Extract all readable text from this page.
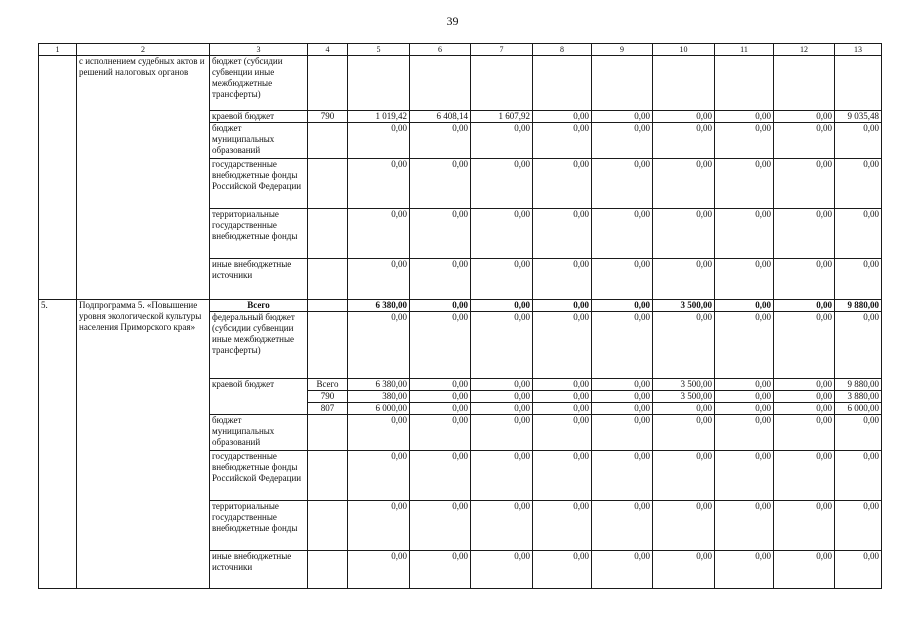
39
1	2	3	4	5	6	7	8	9	10	11	12	13
	с исполнением судебных актов и решений налоговых органов	бюджет (субсидии субвенции иные межбюджетные трансферты)										
		краевой бюджет	790	1 019,42	6 408,14	1 607,92	0,00	0,00	0,00	0,00	0,00	9 035,48
		бюджет муниципальных образований		0,00	0,00	0,00	0,00	0,00	0,00	0,00	0,00	0,00
		государственные внебюджетные фонды Российской Федерации		0,00	0,00	0,00	0,00	0,00	0,00	0,00	0,00	0,00
		территориальные государственные внебюджетные фонды		0,00	0,00	0,00	0,00	0,00	0,00	0,00	0,00	0,00
		иные внебюджетные источники		0,00	0,00	0,00	0,00	0,00	0,00	0,00	0,00	0,00
5.	Подпрограмма 5. «Повышение уровня экологической культуры населения Приморского края»	Всего		6 380,00	0,00	0,00	0,00	0,00	3 500,00	0,00	0,00	9 880,00
		федеральный бюджет (субсидии субвенции иные межбюджетные трансферты)		0,00	0,00	0,00	0,00	0,00	0,00	0,00	0,00	0,00
		краевой бюджет	Всего	6 380,00	0,00	0,00	0,00	0,00	3 500,00	0,00	0,00	9 880,00
			790	380,00	0,00	0,00	0,00	0,00	3 500,00	0,00	0,00	3 880,00
			807	6 000,00	0,00	0,00	0,00	0,00	0,00	0,00	0,00	6 000,00
		бюджет муниципальных образований		0,00	0,00	0,00	0,00	0,00	0,00	0,00	0,00	0,00
		государственные внебюджетные фонды Российской Федерации		0,00	0,00	0,00	0,00	0,00	0,00	0,00	0,00	0,00
		территориальные государственные внебюджетные фонды		0,00	0,00	0,00	0,00	0,00	0,00	0,00	0,00	0,00
		иные внебюджетные источники		0,00	0,00	0,00	0,00	0,00	0,00	0,00	0,00	0,00
